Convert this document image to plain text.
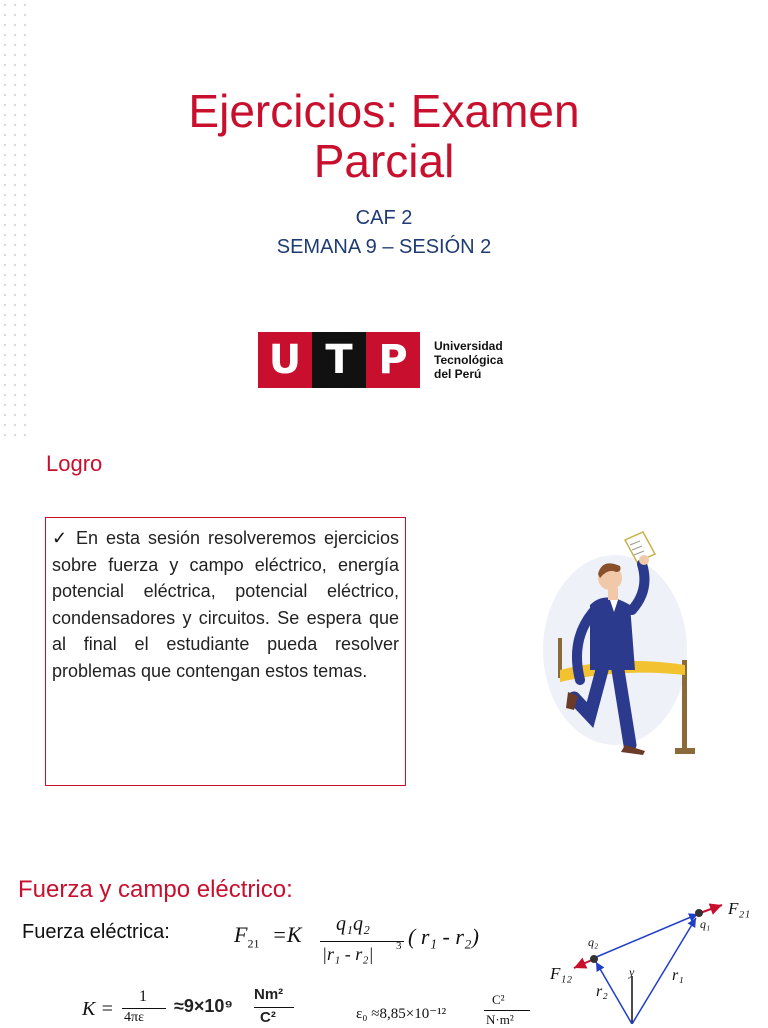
Ejercicios: Examen
Parcial
CAF 2
SEMANA 9 – SESIÓN 2
U T P	Universidad
Tecnológica
del Perú
Logro

✓ En esta sesión resolveremos ejercicios sobre fuerza y campo eléctrico, energía potencial eléctrica, potencial eléctrico, condensadores y circuitos. Se espera que al final el estudiante pueda resolver problemas que contengan estos temas.

Fuerza y campo eléctrico:
Fuerza eléctrica:	$F_{21} =K$ q₁q₂
|r₁ - r₂| 3 ( r₁ - r₂)
K =
1
4πε
≈9×10⁹
Nm²
C²	ε₀ ≈8,85×10⁻¹²
C²
N·m²
F₂₁
F₁₂
q₁
q₂
r₁
r₂
y
